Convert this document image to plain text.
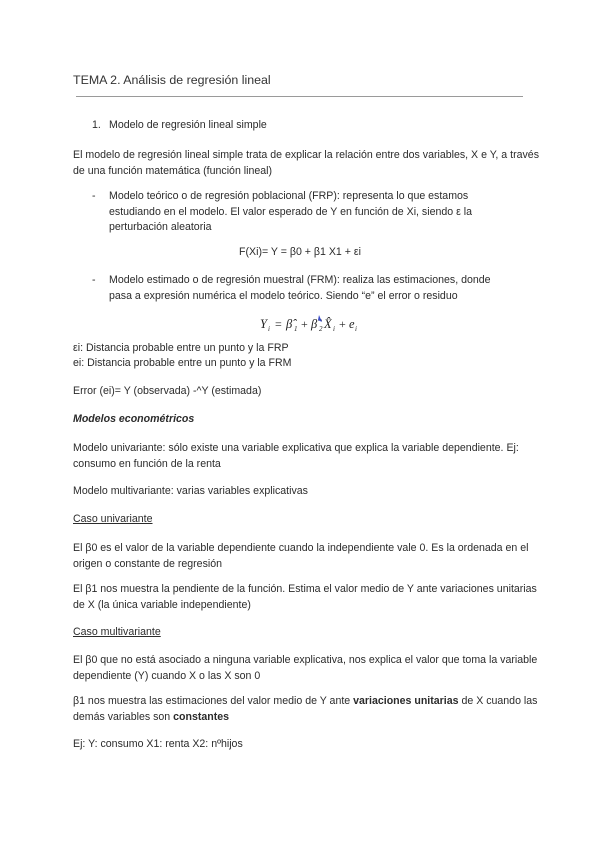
TEMA 2. Análisis de regresión lineal
1. Modelo de regresión lineal simple

El modelo de regresión lineal simple trata de explicar la relación entre dos variables, X e Y, a través de una función matemática (función lineal)

- Modelo teórico o de regresión poblacional (FRP): representa lo que estamos estudiando en el modelo. El valor esperado de Y en función de Xi, siendo ε la perturbación aleatoria
F(Xi)= Y = β0 + β1 X1 + εi
- Modelo estimado o de regresión muestral (FRM): realiza las estimaciones, donde pasa a expresión numérica el modelo teórico. Siendo “e” el error o residuo
Y i = β̂ 1 + β̂ 2 X̂ i + e i

εi: Distancia probable entre un punto y la FRP

ei: Distancia probable entre un punto y la FRM

Error (ei)= Y (observada) -^Y (estimada)

Modelos econométricos

Modelo univariante: sólo existe una variable explicativa que explica la variable dependiente. Ej: consumo en función de la renta

Modelo multivariante: varias variables explicativas

Caso univariante

El β0 es el valor de la variable dependiente cuando la independiente vale 0. Es la ordenada en el origen o constante de regresión

El β1 nos muestra la pendiente de la función. Estima el valor medio de Y ante variaciones unitarias de X (la única variable independiente)

Caso multivariante

El β0 que no está asociado a ninguna variable explicativa, nos explica el valor que toma la variable dependiente (Y) cuando X o las X son 0

β1 nos muestra las estimaciones del valor medio de Y ante variaciones unitarias de X cuando las demás variables son constantes

Ej: Y: consumo X1: renta X2: nºhijos
